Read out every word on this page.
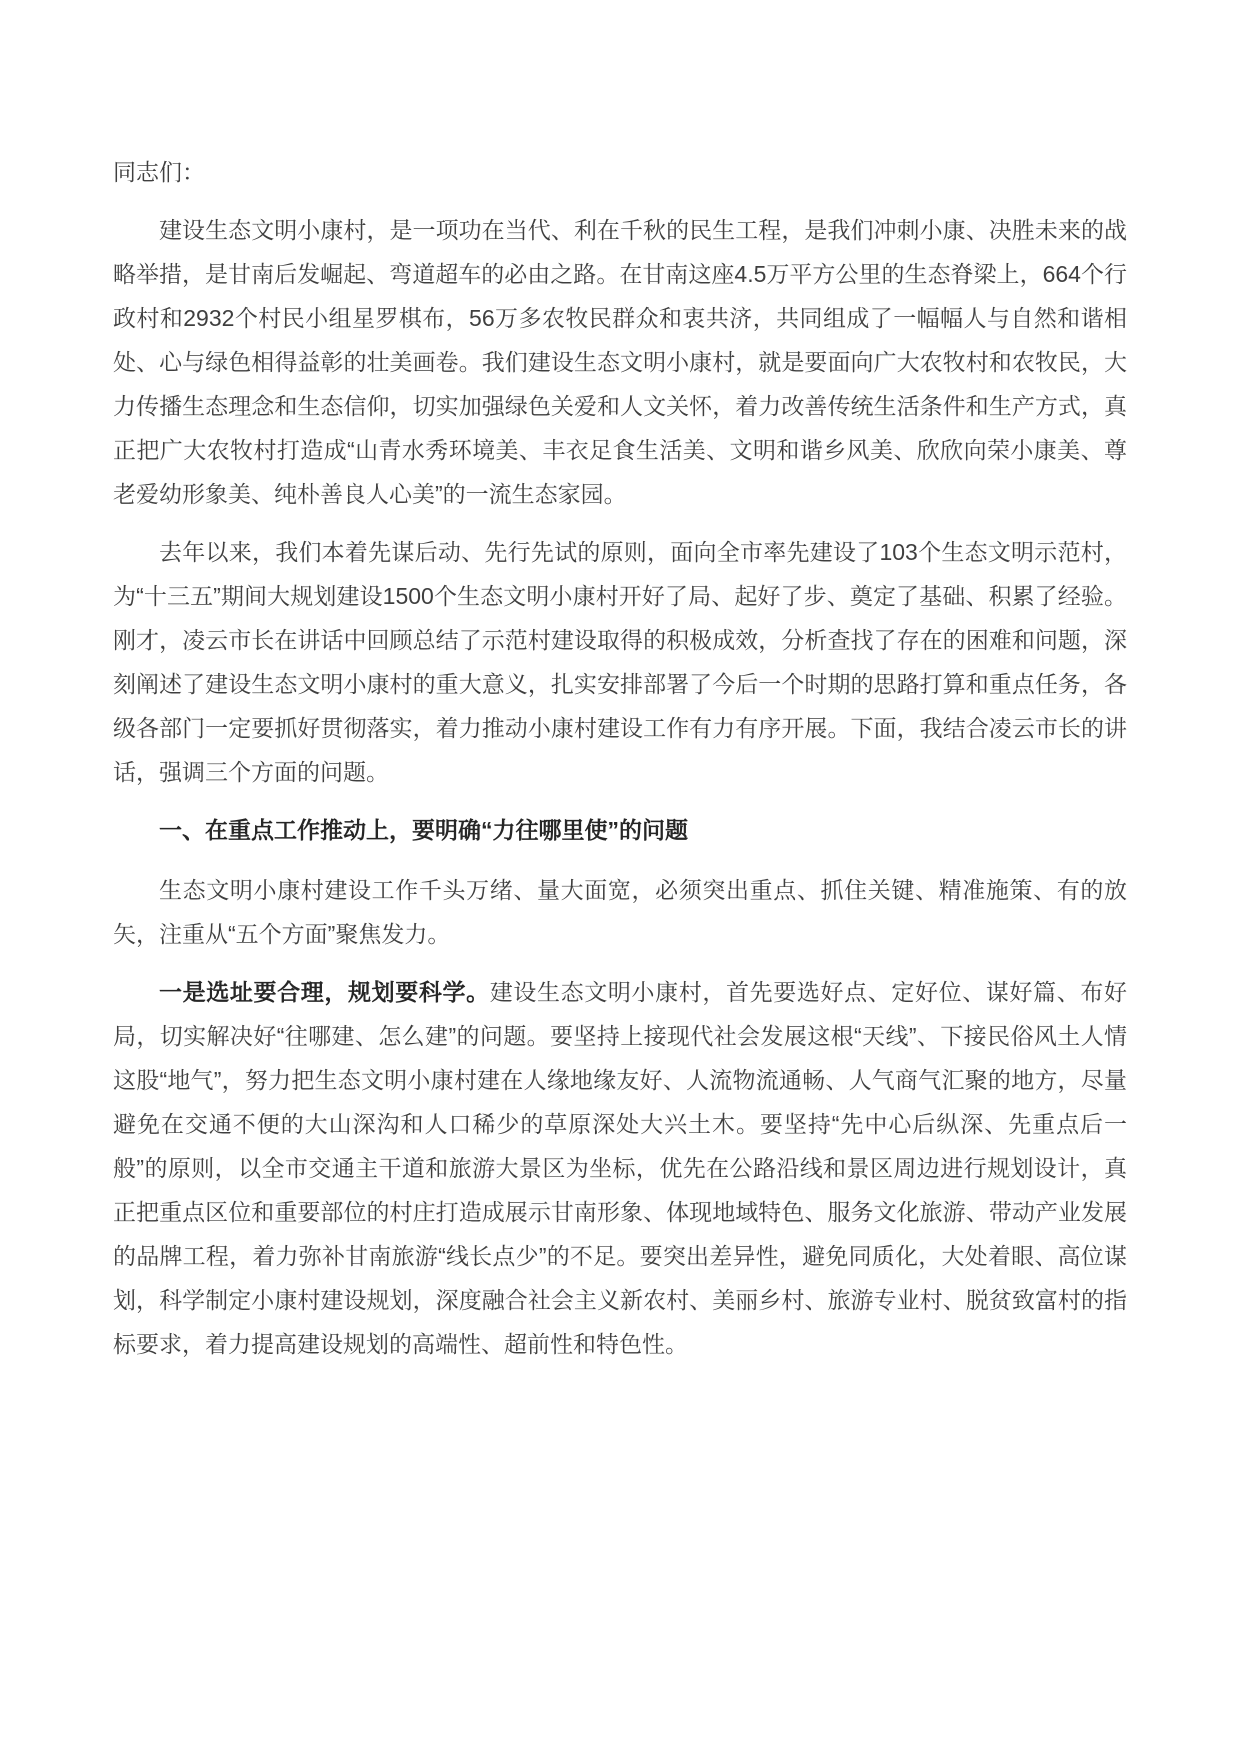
同志们：

建设生态文明小康村，是一项功在当代、利在千秋的民生工程，是我们冲刺小康、决胜未来的战略举措，是甘南后发崛起、弯道超车的必由之路。在甘南这座4.5万平方公里的生态脊梁上，664个行政村和2932个村民小组星罗棋布，56万多农牧民群众和衷共济，共同组成了一幅幅人与自然和谐相处、心与绿色相得益彰的壮美画卷。我们建设生态文明小康村，就是要面向广大农牧村和农牧民，大力传播生态理念和生态信仰，切实加强绿色关爱和人文关怀，着力改善传统生活条件和生产方式，真正把广大农牧村打造成“山青水秀环境美、丰衣足食生活美、文明和谐乡风美、欣欣向荣小康美、尊老爱幼形象美、纯朴善良人心美”的一流生态家园。

去年以来，我们本着先谋后动、先行先试的原则，面向全市率先建设了103个生态文明示范村，为“十三五”期间大规划建设1500个生态文明小康村开好了局、起好了步、奠定了基础、积累了经验。刚才，凌云市长在讲话中回顾总结了示范村建设取得的积极成效，分析查找了存在的困难和问题，深刻阐述了建设生态文明小康村的重大意义，扎实安排部署了今后一个时期的思路打算和重点任务，各级各部门一定要抓好贯彻落实，着力推动小康村建设工作有力有序开展。下面，我结合凌云市长的讲话，强调三个方面的问题。

一、在重点工作推动上，要明确“力往哪里使”的问题

生态文明小康村建设工作千头万绪、量大面宽，必须突出重点、抓住关键、精准施策、有的放矢，注重从“五个方面”聚焦发力。

一是选址要合理，规划要科学。建设生态文明小康村，首先要选好点、定好位、谋好篇、布好局，切实解决好“往哪建、怎么建”的问题。要坚持上接现代社会发展这根“天线”、下接民俗风土人情这股“地气”，努力把生态文明小康村建在人缘地缘友好、人流物流通畅、人气商气汇聚的地方，尽量避免在交通不便的大山深沟和人口稀少的草原深处大兴土木。要坚持“先中心后纵深、先重点后一般”的原则，以全市交通主干道和旅游大景区为坐标，优先在公路沿线和景区周边进行规划设计，真正把重点区位和重要部位的村庄打造成展示甘南形象、体现地域特色、服务文化旅游、带动产业发展的品牌工程，着力弥补甘南旅游“线长点少”的不足。要突出差异性，避免同质化，大处着眼、高位谋划，科学制定小康村建设规划，深度融合社会主义新农村、美丽乡村、旅游专业村、脱贫致富村的指标要求，着力提高建设规划的高端性、超前性和特色性。
